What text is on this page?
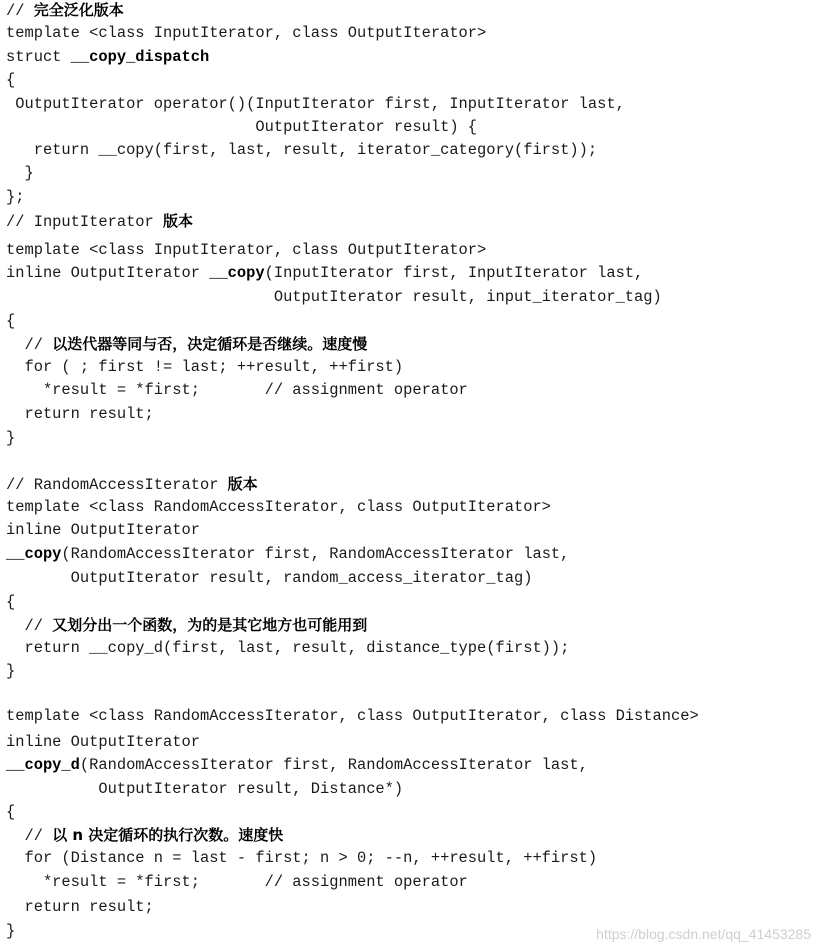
// 完全泛化版本
template <class InputIterator, class OutputIterator>
struct __copy_dispatch
{
OutputIterator operator()(InputIterator first, InputIterator last,
OutputIterator result) {
return __copy(first, last, result, iterator_category(first));
}
};
// InputIterator 版本
template <class InputIterator, class OutputIterator>
inline OutputIterator __copy(InputIterator first, InputIterator last,
OutputIterator result, input_iterator_tag)
{
// 以迭代器等同与否，决定循环是否继续。速度慢
for ( ; first != last; ++result, ++first)
*result = *first;       // assignment operator
return result;
}
// RandomAccessIterator 版本
template <class RandomAccessIterator, class OutputIterator>
inline OutputIterator
__copy(RandomAccessIterator first, RandomAccessIterator last,
OutputIterator result, random_access_iterator_tag)
{
// 又划分出一个函数，为的是其它地方也可能用到
return __copy_d(first, last, result, distance_type(first));
}
template <class RandomAccessIterator, class OutputIterator, class Distance>
inline OutputIterator
__copy_d(RandomAccessIterator first, RandomAccessIterator last,
OutputIterator result, Distance*)
{
// 以 n 决定循环的执行次数。速度快
for (Distance n = last - first; n > 0; --n, ++result, ++first)
*result = *first;       // assignment operator
return result;
}	https://blog.csdn.net/qq_41453285
